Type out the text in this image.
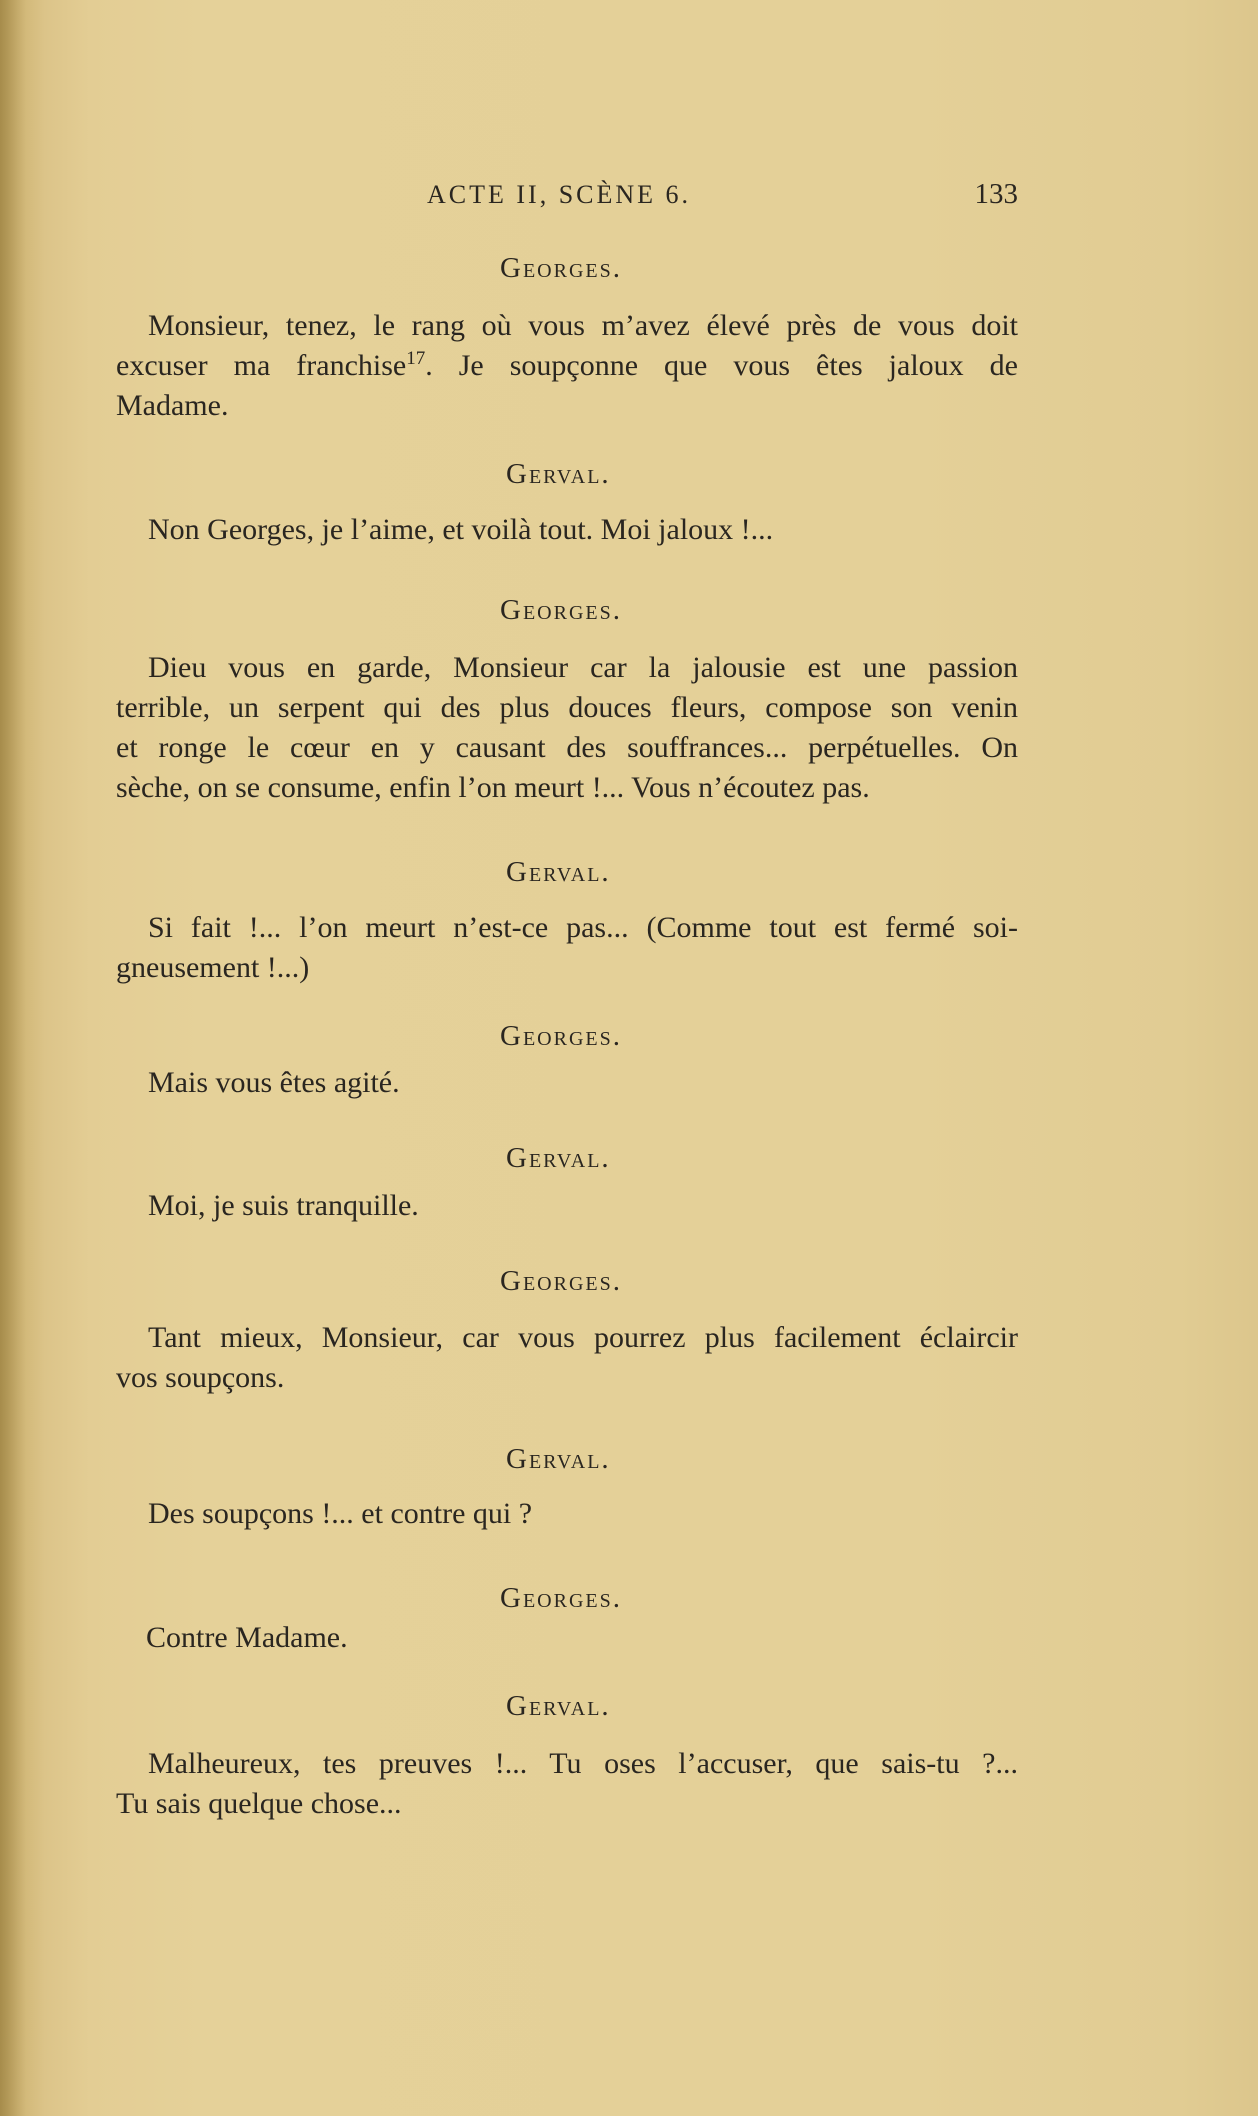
ACTE II, SCÈNE 6.	133
Georges.
Monsieur, tenez, le rang où vous m’avez élevé près de vous doit
excuser ma franchise$^{17}$. Je soupçonne que vous êtes jaloux de
Madame.
Gerval.
Non Georges, je l’aime, et voilà tout. Moi jaloux !...
Georges.
Dieu vous en garde, Monsieur car la jalousie est une passion
terrible, un serpent qui des plus douces fleurs, compose son venin
et ronge le cœur en y causant des souffrances... perpétuelles. On
sèche, on se consume, enfin l’on meurt !... Vous n’écoutez pas.
Gerval.
Si fait !... l’on meurt n’est-ce pas... (Comme tout est fermé soi-
gneusement !...)
Georges.
Mais vous êtes agité.
Gerval.
Moi, je suis tranquille.
Georges.
Tant mieux, Monsieur, car vous pourrez plus facilement éclaircir
vos soupçons.
Gerval.
Des soupçons !... et contre qui ?
Georges.
Contre Madame.
Gerval.
Malheureux, tes preuves !... Tu oses l’accuser, que sais-tu ?...
Tu sais quelque chose...
